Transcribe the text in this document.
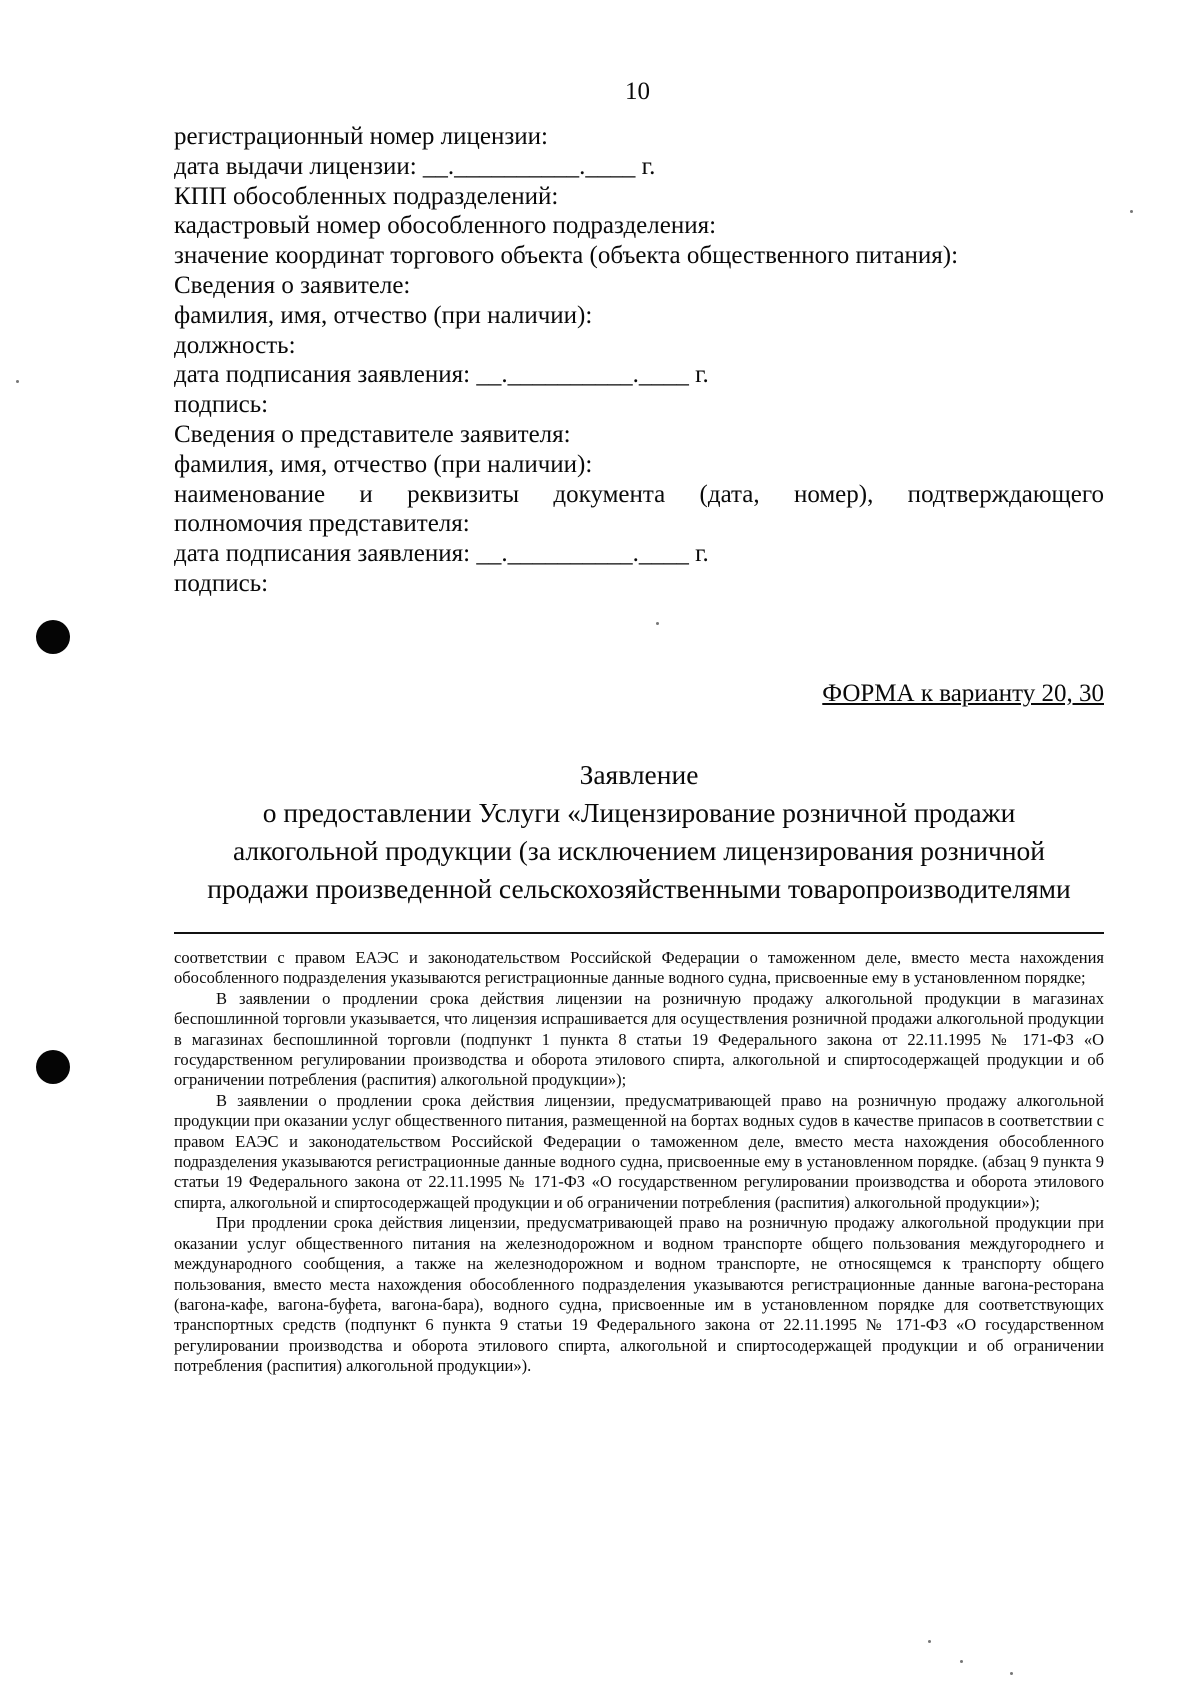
10
регистрационный номер лицензии:
дата выдачи лицензии: __.__________.____ г.
КПП обособленных подразделений:
кадастровый номер обособленного подразделения:
значение координат торгового объекта (объекта общественного питания):
Сведения о заявителе:
фамилия, имя, отчество (при наличии):
должность:
дата подписания заявления: __.__________.____ г.
подпись:
Сведения о представителе заявителя:
фамилия, имя, отчество (при наличии):
наименование и реквизиты документа (дата, номер), подтверждающего
полномочия представителя:
дата подписания заявления: __.__________.____ г.
подпись:
ФОРМА к варианту 20, 30
Заявление
о предоставлении Услуги «Лицензирование розничной продажи
алкогольной продукции (за исключением лицензирования розничной
продажи произведенной сельскохозяйственными товаропроизводителями

соответствии с правом ЕАЭС и законодательством Российской Федерации о таможенном деле, вместо места нахождения обособленного подразделения указываются регистрационные данные водного судна, присвоенные ему в установленном порядке;

В заявлении о продлении срока действия лицензии на розничную продажу алкогольной продукции в магазинах беспошлинной торговли указывается, что лицензия испрашивается для осуществления розничной продажи алкогольной продукции в магазинах беспошлинной торговли (подпункт 1 пункта 8 статьи 19 Федерального закона от 22.11.1995 № 171-ФЗ «О государственном регулировании производства и оборота этилового спирта, алкогольной и спиртосодержащей продукции и об ограничении потребления (распития) алкогольной продукции»);

В заявлении о продлении срока действия лицензии, предусматривающей право на розничную продажу алкогольной продукции при оказании услуг общественного питания, размещенной на бортах водных судов в качестве припасов в соответствии с правом ЕАЭС и законодательством Российской Федерации о таможенном деле, вместо места нахождения обособленного подразделения указываются регистрационные данные водного судна, присвоенные ему в установленном порядке. (абзац 9 пункта 9 статьи 19 Федерального закона от 22.11.1995 № 171-ФЗ «О государственном регулировании производства и оборота этилового спирта, алкогольной и спиртосодержащей продукции и об ограничении потребления (распития) алкогольной продукции»);

При продлении срока действия лицензии, предусматривающей право на розничную продажу алкогольной продукции при оказании услуг общественного питания на железнодорожном и водном транспорте общего пользования междугороднего и международного сообщения, а также на железнодорожном и водном транспорте, не относящемся к транспорту общего пользования, вместо места нахождения обособленного подразделения указываются регистрационные данные вагона-ресторана (вагона-кафе, вагона-буфета, вагона-бара), водного судна, присвоенные им в установленном порядке для соответствующих транспортных средств (подпункт 6 пункта 9 статьи 19 Федерального закона от 22.11.1995 № 171-ФЗ «О государственном регулировании производства и оборота этилового спирта, алкогольной и спиртосодержащей продукции и об ограничении потребления (распития) алкогольной продукции»).
